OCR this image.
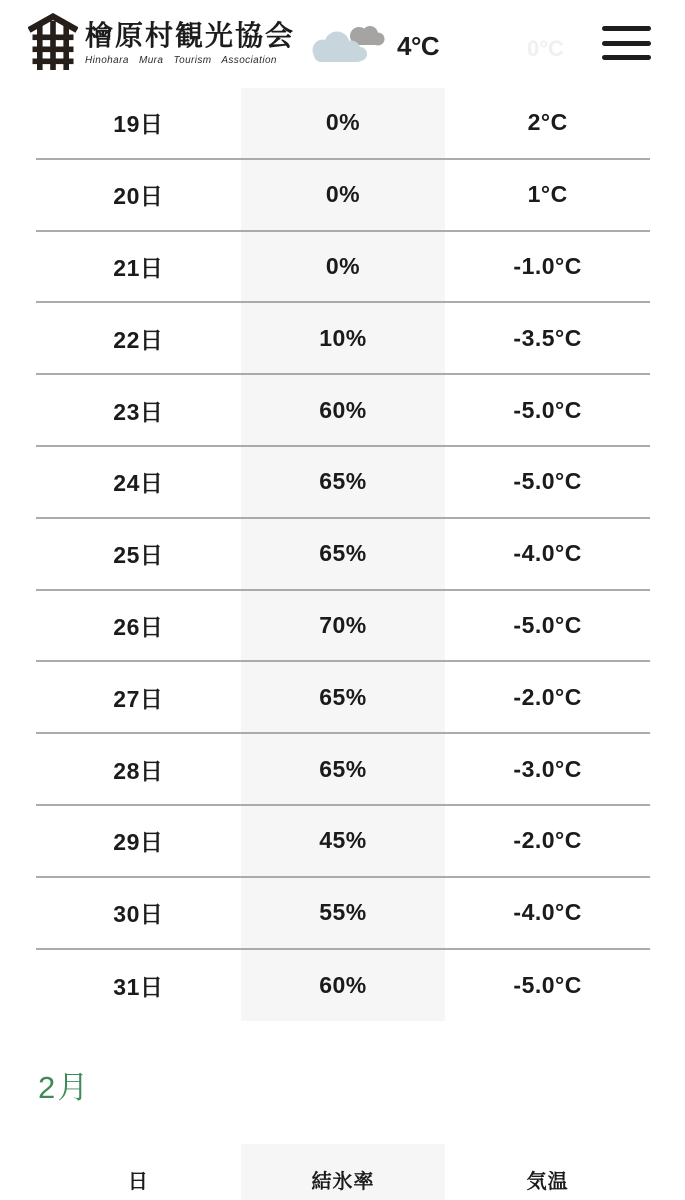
檜原村観光協会
Hinohara Mura Tourism Association	4°C	0°C
19日	0%	2°C
20日	0%	1°C
21日	0%	-1.0°C
22日	10%	-3.5°C
23日	60%	-5.0°C
24日	65%	-5.0°C
25日	65%	-4.0°C
26日	70%	-5.0°C
27日	65%	-2.0°C
28日	65%	-3.0°C
29日	45%	-2.0°C
30日	55%	-4.0°C
31日	60%	-5.0°C
2月
日	結氷率	気温
